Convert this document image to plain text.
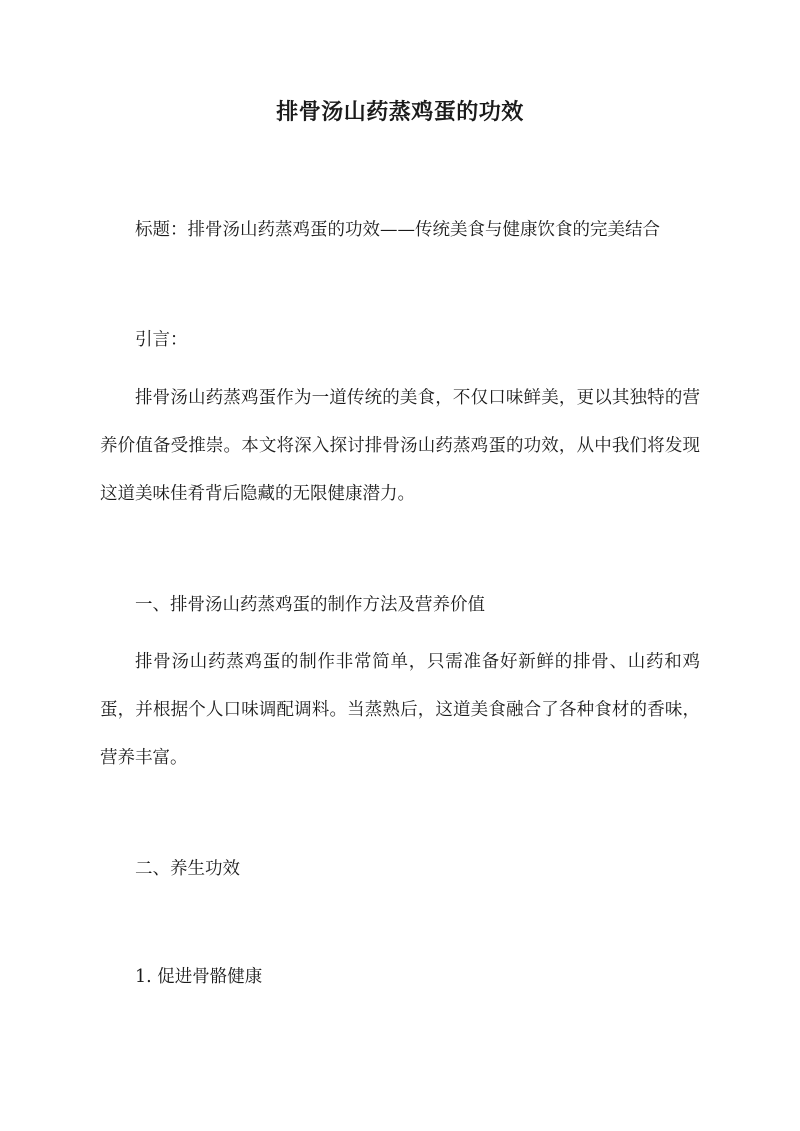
排骨汤山药蒸鸡蛋的功效
标题：排骨汤山药蒸鸡蛋的功效——传统美食与健康饮食的完美结合
引言：

排骨汤山药蒸鸡蛋作为一道传统的美食，不仅口味鲜美，更以其独特的营养价值备受推崇。本文将深入探讨排骨汤山药蒸鸡蛋的功效，从中我们将发现这道美味佳肴背后隐藏的无限健康潜力。

一、排骨汤山药蒸鸡蛋的制作方法及营养价值

排骨汤山药蒸鸡蛋的制作非常简单，只需准备好新鲜的排骨、山药和鸡蛋，并根据个人口味调配调料。当蒸熟后，这道美食融合了各种食材的香味，营养丰富。

二、养生功效
1. 促进骨骼健康
